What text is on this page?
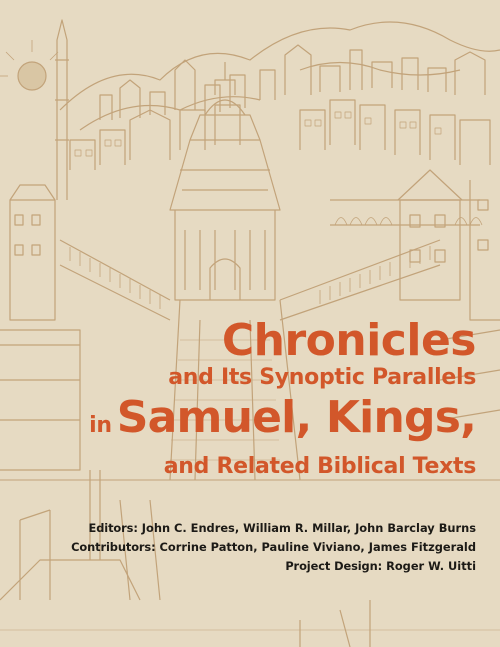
Chronicles
and Its Synoptic Parallels
in Samuel, Kings,
and Related Biblical Texts
Editors: John C. Endres, William R. Millar, John Barclay Burns
Contributors: Corrine Patton, Pauline Viviano, James Fitzgerald
Project Design: Roger W. Uitti
